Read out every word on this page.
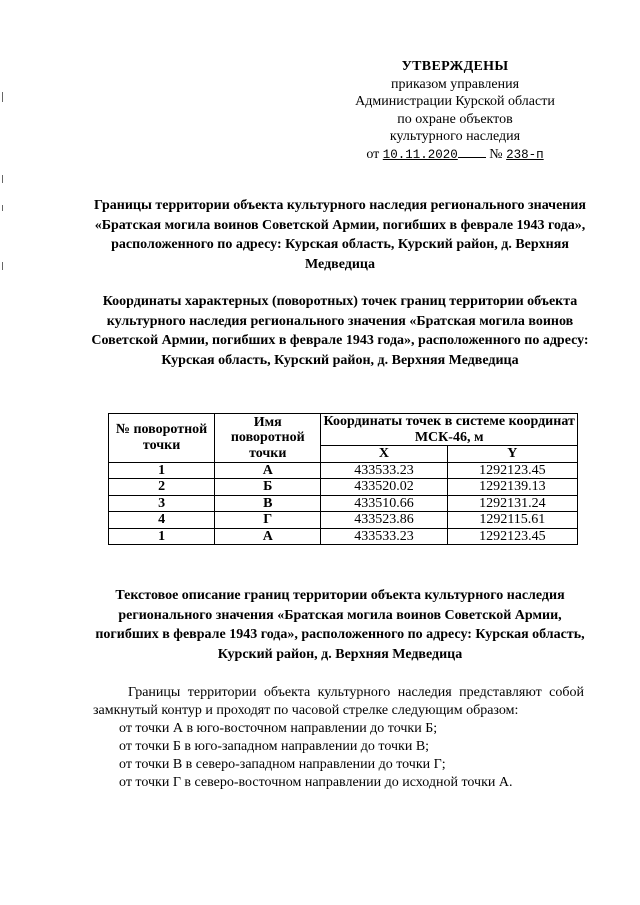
УТВЕРЖДЕНЫ
приказом управления
Администрации Курской области
по охране объектов
культурного наследия
от 10.11.2020 № 238-п
Границы территории объекта культурного наследия регионального значения «Братская могила воинов Советской Армии, погибших в феврале 1943 года», расположенного по адресу: Курская область, Курский район, д. Верхняя Медведица
Координаты характерных (поворотных) точек границ территории объекта культурного наследия регионального значения «Братская могила воинов Советской Армии, погибших в феврале 1943 года», расположенного по адресу: Курская область, Курский район, д. Верхняя Медведица
№ поворотной точки	Имя поворотной точки	Координаты точек в системе координат МСК-46, м	
		X	Y
1	А	433533.23	1292123.45
2	Б	433520.02	1292139.13
3	В	433510.66	1292131.24
4	Г	433523.86	1292115.61
1	А	433533.23	1292123.45
Текстовое описание границ территории объекта культурного наследия регионального значения «Братская могила воинов Советской Армии, погибших в феврале 1943 года», расположенного по адресу: Курская область, Курский район, д. Верхняя Медведица

Границы территории объекта культурного наследия представляют собой замкнутый контур и проходят по часовой стрелке следующим образом:

от точки А в юго-восточном направлении до точки Б;

от точки Б в юго-западном направлении до точки В;

от точки В в северо-западном направлении до точки Г;

от точки Г в северо-восточном направлении до исходной точки А.
